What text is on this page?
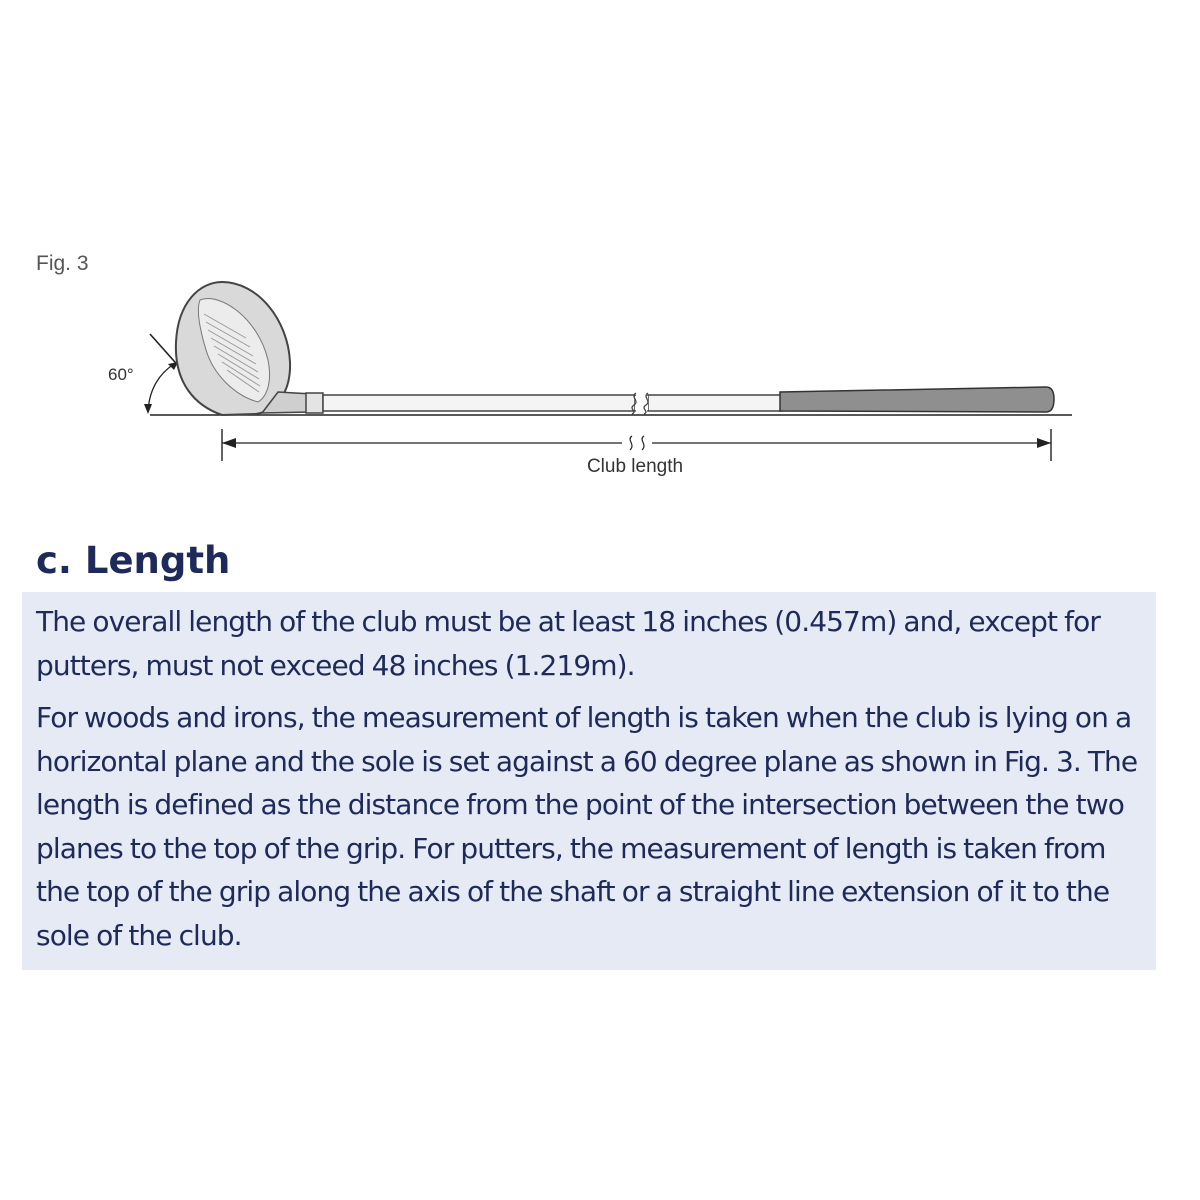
Fig. 3
60°
Club length
c. Length

The overall length of the club must be at least 18 inches (0.457m) and, except for putters, must not exceed 48 inches (1.219m).

For woods and irons, the measurement of length is taken when the club is lying on a horizontal plane and the sole is set against a 60 degree plane as shown in Fig. 3. The length is defined as the distance from the point of the intersection between the two planes to the top of the grip. For putters, the measurement of length is taken from the top of the grip along the axis of the shaft or a straight line extension of it to the sole of the club.
